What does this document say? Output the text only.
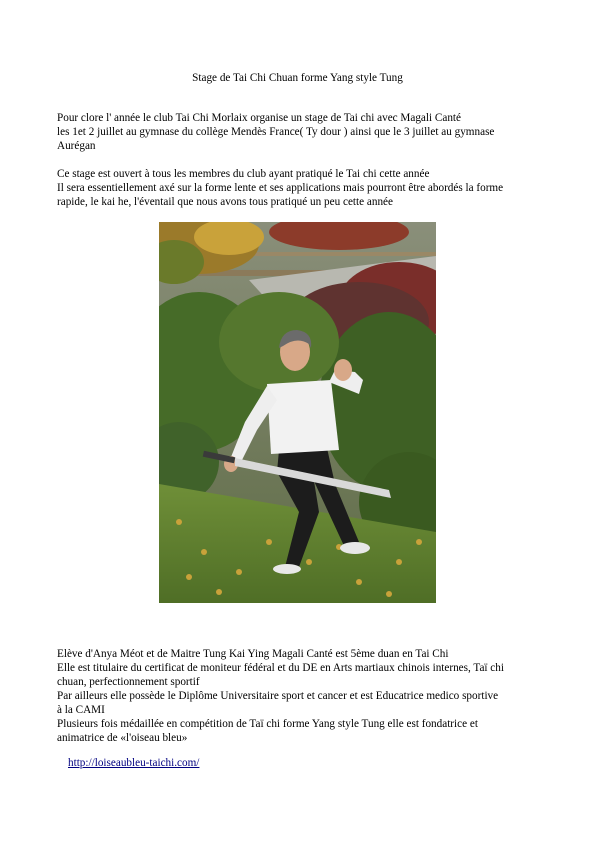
Stage de Tai Chi Chuan forme Yang style Tung
Pour clore l' année le club Tai Chi Morlaix organise un stage de Tai chi avec Magali Canté
les 1et 2 juillet au gymnase du collège Mendès France( Ty dour ) ainsi que le 3 juillet au gymnase
Aurégan
Ce stage est ouvert à tous les membres du club ayant pratiqué le Tai chi cette année
Il sera essentiellement axé sur la forme lente et ses applications mais pourront être abordés la forme
rapide, le kai he, l'éventail que nous avons tous pratiqué un peu cette année
Elève d'Anya Méot et de Maitre Tung Kai Ying Magali Canté est 5ème duan en Tai Chi
Elle est titulaire du certificat de moniteur fédéral et du DE en Arts martiaux chinois internes, Taï chi
chuan, perfectionnement sportif
Par ailleurs elle possède le Diplôme Universitaire sport et cancer et est Educatrice medico sportive
à la CAMI
Plusieurs fois médaillée en compétition de Taï chi forme Yang style Tung elle est fondatrice et
animatrice de «l'oiseau bleu»
http://loiseaubleu-taichi.com/
